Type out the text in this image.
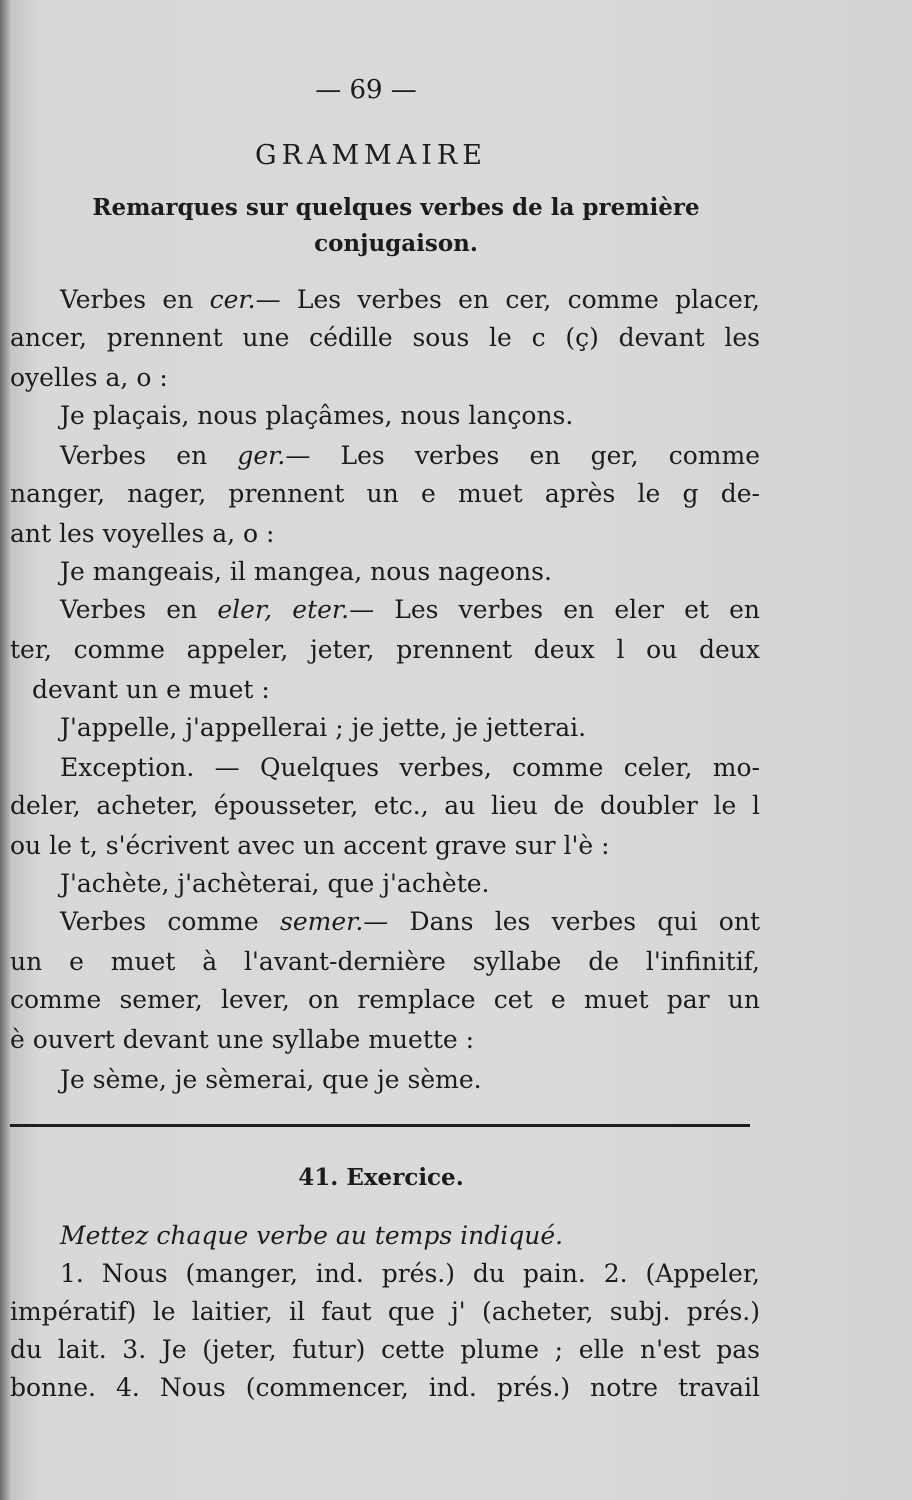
— 69 —
GRAMMAIRE
Remarques sur quelques verbes de la première
conjugaison.
Verbes en cer.— Les verbes en cer, comme placer,
ancer, prennent une cédille sous le c (ç) devant les
oyelles a, o :
Je plaçais, nous plaçâmes, nous lançons.
Verbes en ger.— Les verbes en ger, comme
nanger, nager, prennent un e muet après le g de-
ant les voyelles a, o :
Je mangeais, il mangea, nous nageons.
Verbes en eler, eter.— Les verbes en eler et en
ter, comme appeler, jeter, prennent deux l ou deux
devant un e muet :
J'appelle, j'appellerai ; je jette, je jetterai.
Exception. — Quelques verbes, comme celer, mo-
deler, acheter, épousseter, etc., au lieu de doubler le l
ou le t, s'écrivent avec un accent grave sur l'è :
J'achète, j'achèterai, que j'achète.
Verbes comme semer.— Dans les verbes qui ont
un e muet à l'avant-dernière syllabe de l'infinitif,
comme semer, lever, on remplace cet e muet par un
è ouvert devant une syllabe muette :
Je sème, je sèmerai, que je sème.
41. Exercice.
Mettez chaque verbe au temps indiqué.
1. Nous (manger, ind. prés.) du pain. 2. (Appeler,
impératif) le laitier, il faut que j' (acheter, subj. prés.)
du lait. 3. Je (jeter, futur) cette plume ; elle n'est pas
bonne. 4. Nous (commencer, ind. prés.) notre travail
